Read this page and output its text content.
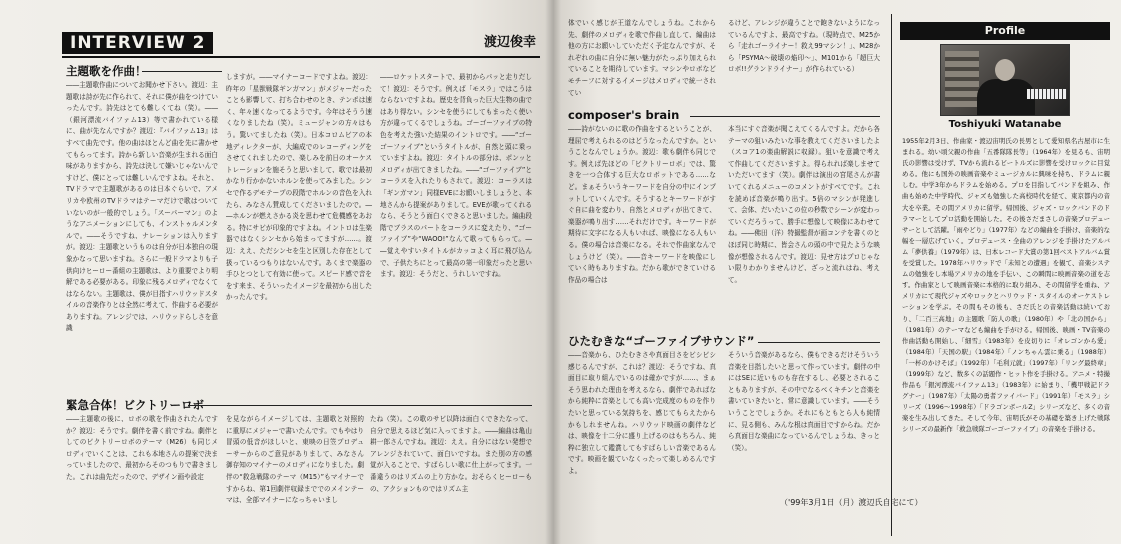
INTERVIEW 2	渡辺俊幸
主題歌を作曲！
――主題歌作曲についてお聞かせ下さい。渡辺：主題歌は詩が先に作られて、それに僕が曲をつけていったんです。詩先はとても難しくてね（笑）。――（銀河漂流バイファム13）等で書かれている様に、曲が先なんですか？渡辺：『バイファム13』はすべて曲先です。他の曲はほとんど曲を先に書かせてもらってます。詩から新しい音楽が生まれる面白味がありますから、詩先は決して嫌いじゃないんですけど、僕にとっては難しいんですよね。それと、TVドラマで主題歌があるのは日本ぐらいで、アメリカや欧州のTVドラマはテーマだけで歌はついていないのが一般的でしょう。「スーパーマン」のようなアニメーションにしても、インストゥルメンタルで。――そうですね、ナレーションは入りますが。渡辺：主題歌というものは自分が日本独自の現象かなって思いますね。さらに一般ドラマよりも子供向けヒーロー番組の主題歌は、より重要でより明解である必要がある。印象に残るメロディでなくてはならない。主題歌は、僕が目指すハリウッドスタイルの音楽作りとは全然に考えて、作曲する必要がありますね。アレンジでは、ハリウッドらしさを意識
しますが。――マイナーコードですよね。渡辺：昨年の「星獣戦隊ギンガマン」がメジャーだったことも影響して、打ち合わせのとき、テンポは速く、年々速くなってるようです。今年はそうう速くなりましたね（笑）。ミュージャンの方々はもう。驚いてましたね（笑）。日本コロムビアの本地ディレクターが、大編成でのレコーディングをさせてくれましたので、楽しみを前日のオーケストレーションを施そうと思いまして、歌では最初かなり行かかないホルンを使ってみました。シンセで作るデモテープの段階でホルンの音色を入れたら、みなさん賛成してくださいましたので。――ホルンが燃えさかる炎を思わせて危機感をあおる。特にサビが印象的ですよね。イントロは生楽器ではなくシンセから始まってますが……。渡辺：ええ、ただシンセを生と区別した存在として扱っているつもりはないんです。あくまで楽器の手ひとつとして有効に使って。スピード感で音ををす来ま、そういったイメージを最初から出したかったんです。
――ロケットスタートで、最初からパッと走りだして！渡辺：そうです。例えば「モスラ」ではこうはならないですよね。歴史を背負った巨大生物の曲ではあり得ない。シンセを使うにしてもまったく使い方が違ってくるでしょうね。ゴーゴーファイブの特色を考えた強いた結果のイントロです。――“ゴーゴーファイブ”というタイトルが、自然と頭に乗っていますよね。渡辺：タイトルの部分は、ポンッとメロディが出てきましたね。――“ゴーファイブ”とコーラスを入れたりもされて。渡辺：コーラスは「ギンガマン」同様EVEにお願いしましょうと、本地さんから提案がありまして。EVEが歌ってくれるなら、そうとう面白くできると思いました。編曲段階でブラスのパートをコーラスに変えたり、“ゴーファイブ”や“WAOO!”なんて歌ってもらって。――覚えやすいタイトルがカッコよく耳に飛び込んで、子供たちにとって最高の第一印象だったと思います。渡辺：そうだと、うれしいですね。
緊急合体！ビクトリーロボ
――主題歌の後に、ロボの歌を作曲されたんですか？渡辺：そうです。劇伴を書く前ですね。劇伴としてのビクトリーロボのテーマ（M26）も同じメロディでいくことは、これも本地さんの提案で決まっていましたので、最初からそのつもりで書きました。これは曲先だったので、デザイン画や設定
を見ながらイメージしては、主題歌と対照的に重厚にメジャーで書いたんです。でもやはり冒頭の低音がほしいと、東映の日笠プロデューサーからのご意見がありまして、みなさん御存知のマイナーのメロディになりました。劇伴の“救急戦隊のテーマ（M15）”もマイナーですからね、第1回劇伴収録まででのメインテーマは、全部マイナーになっちゃいまし
たね（笑）。この歌のサビ以降は面白くできたなって、自分で思えるほど気に入ってますよ。――編曲は亀山耕一郎さんですね。渡辺：ええ。自分にはない発想でアレンジされていて、面白いですね。また別の方の感覚が入ることで、すばらしい歌に仕上がってます。一番違うのはリズムの上り方かな。おそらくヒーローもの、アクションものではリズム主
体でいく感じが王道なんでしょうね。これから先、劇伴のメロディを歌で作曲し直して、編曲は他の方にお願いしていただく予定なんですが、それぞれの曲に自分に無い魅力がたっぷり加えられていることを期待しています。マシンやロボなどモチーフに対するイメージはメロディで統一されてい
るけど、アレンジが違うことで飽きないようになっているんですよ、最高ですね。（現時点で、M25から「走れゴーライナー！救え99マシン！」、M28から「PSYMA～破壊の焔印～」、M101から「超巨大ロボ!!グランドライナー」が作られている）
composer's brain
――詩がないのに歌の作曲をするということが、理屈で考えられるのはどうなったんですか。ということなんでしょうか。渡辺：歌も劇伴も同じです。例えば先ほどの「ビクトリーロボ」では、驚きを一つ合体する巨大なロボットである……など。まぁそういうキーワードを自分の中にインプットしていくんです。そうするとキーワードがすぐ自に曲を変わり、自然とメロディが出てきて、楽器が鳴り出す……それだけです。キーワードが期待に文字になる人もいれば、映像になる人もいる。僕の場合は音楽になる。それで作曲家なんでしょうけど（笑）。――音キーワードを映像にしていく時もありますね。だから歌ができていける作品の場合は
本当にすぐ音楽が聞こえてくるんですよ。だから各テーマの狙いみたいな事を教えてくださいましたよ（スコア1の楽曲解説に収録）。狙いを意識で考えて作曲してくださいますよ。得られれば楽しませていただいてます（笑）。劇伴は演出の宮尾さんが書いてくれるメニューのコメントがすべてです。これを読めば音楽が鳴り出す。5倍のマシンが発進して、会体、だいたいこの位の秒数でシーンが変わっていくだろうって、勝手に想像して映像にあわせてね。――佛田（洋）特撮監督が画コンテを書くのとほぼ同じ時期に、皆会さんの頭の中で見たような映像が想像されるんです。渡辺：見せ方はプロじゃない限りわかりませんけど、ざっと流れはね、考えて。
ひたむきな“ゴーファイブサウンド”
――音楽から、ひたむきさや真面目さをビシビシ感じるんですが、これは？渡辺：そうですね、真面目に取り組んでいるのは確かですが……、まぁそう思われた理由を考えるなら、劇伴であればなから純粋に音楽としても高い完成度のものを作りたいと思っている気持ちを、感じてもらえたからかもしれませんね。ハリウッド映画の劇伴などは、映像を十二分に盛り上げるのはもちろん、純粋に独立して鑑賞してもすばらしい音楽であるんです。映画を観ていなくったって楽しめるんですよ。
そういう音楽があるなら、僕もできるだけそういう音楽を目指したいと思って作っています。劇伴の中にはSEに近いものも存在するし、必要とされることもありますが、その中でなるべくキチンと音楽を書いていきたいと、常に意識しています。――そういうことでしょうか。それにもともとら人も純情に、見る側も、みんな根は真面目ですからね。だから真面目な楽曲になっているんでしょうね、きっと（笑）。
（'99年3月1日（月）渡辺氏自宅にて）
Profile
Toshiyuki Watanabe
1955年2月3日、作曲家・渡辺宙明氏の長男として愛知県名古屋市に生まれる。幼い頃父親の作曲「五番隊隊長等」（1964年）を見るも、宙明氏の影響は受けず、TVから流れるビートルズに影響を受けロックに目覚める。他にも国外の映画音楽やミュージカルに興味を持ち、ドラムに親しむ。中学3年からドラムを始める。プロを目指してバンドを組み、作曲も始めた中学時代、ジャズも勉強した高校時代を経て、東京都内の音大を卒業。その間アメリカに留学。帰国後、ジャズ・ロックバンドのドラマーとしてプロ活動を開始した。その後さだまさしの音楽プロデューサーとして活躍。「雨やどり」（1977年）などの編曲を手掛け、音楽的な幅を一層広げていく。プロデュース・全曲のアレンジを手掛けたアルバム「夢供養」（1979年）は、日本レコード大賞の第1回ベストアルバム賞を受賞した。1978年ハリウッドで「未知との遭遇」を観て、音楽システムの勉強をし本場アメリカの地を手伝い、この瞬間に映画音楽の道を志す。作曲家として映画音楽に本格的に取り組み、その間留学を重ね、アメリカにて現代ジャズやロックとハリウッド・スタイルのオーケストレーションを学ぶ。その間もその後も、さだ氏との音楽活動は続いており、「二百三高地」の主題歌「防人の歌」（1980年）や「北の国から」（1981年）のテーマなども編曲を手がける。帰国後、映画・TV音楽の作曲活動も開始し、「細雪」（1983年）を皮切りに「オレゴンから愛」（1984年）「天国の駅」（1984年）「ノンちゃん雲に乗る」（1988年）「一杯のかけそば」（1992年）「毛利元就」（1997年）「リング最終章」（1999年）など、数多くの話題作・ヒット作を手掛ける。アニメ・特撮作品も「銀河漂流バイファム13」（1983年）に始まり、「機甲戦記ドラグナー」（1987年）「太陽の勇者ファイバード」（1991年）「モスラ」シリーズ（1996～1998年）「ドラゴンボールZ」シリーズなど、多くの音楽を生み出してきた。そして今年、宙明氏がその基礎を築き上げた戦隊シリーズの最新作「救急戦隊ゴーゴーファイブ」の音楽を手掛ける。
